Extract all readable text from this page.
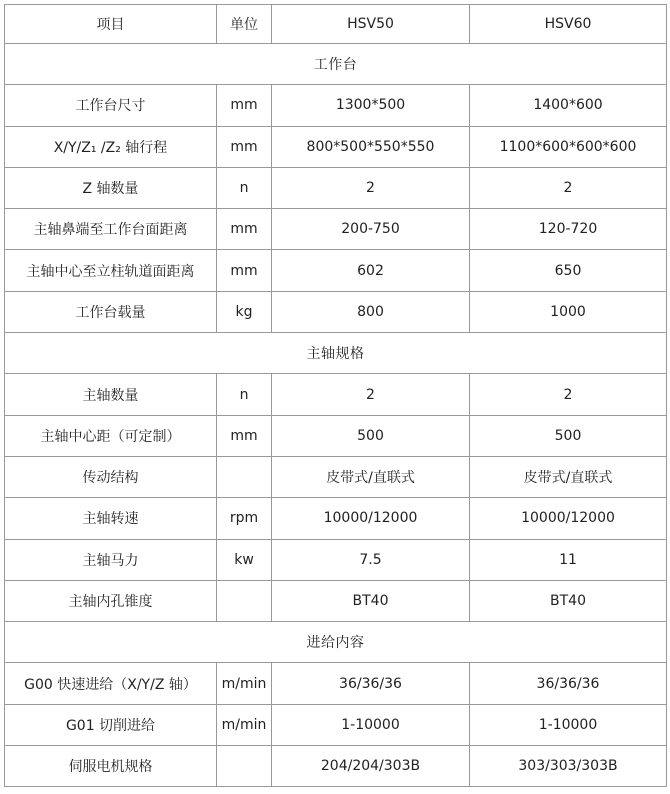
项目	单位	HSV50	HSV60
工作台			
工作台尺寸	mm	1300*500	1400*600
X/Y/Z₁ /Z₂ 轴行程	mm	800*500*550*550	1100*600*600*600
Z 轴数量	n	2	2
主轴鼻端至工作台面距离	mm	200-750	120-720
主轴中心至立柱轨道面距离	mm	602	650
工作台载量	kg	800	1000
主轴规格			
主轴数量	n	2	2
主轴中心距（可定制）	mm	500	500
传动结构		皮带式/直联式	皮带式/直联式
主轴转速	rpm	10000/12000	10000/12000
主轴马力	kw	7.5	11
主轴内孔锥度		BT40	BT40
进给内容			
G00 快速进给（X/Y/Z 轴）	m/min	36/36/36	36/36/36
G01 切削进给	m/min	1-10000	1-10000
伺服电机规格		204/204/303B	303/303/303B
